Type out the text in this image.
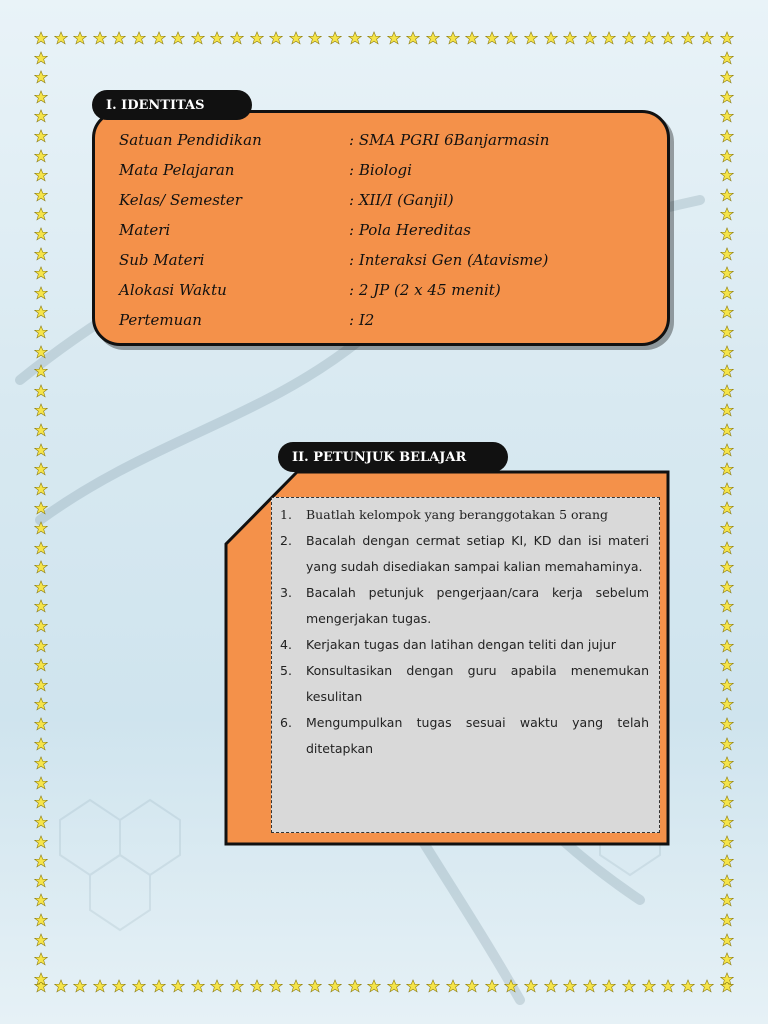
I. IDENTITAS
Satuan Pendidikan	: SMA PGRI 6Banjarmasin
Mata Pelajaran	: Biologi
Kelas/ Semester	: XII/I (Ganjil)
Materi	: Pola Hereditas
Sub Materi	: Interaksi Gen (Atavisme)
Alokasi Waktu	: 2 JP (2 x 45 menit)
Pertemuan	: I2
II. PETUNJUK BELAJAR
1.	Buatlah kelompok yang beranggotakan 5 orang
2.	Bacalah dengan cermat setiap KI, KD dan isi materi yang sudah disediakan sampai kalian memahaminya.
3.	Bacalah petunjuk pengerjaan/cara kerja sebelum mengerjakan tugas.
4.	Kerjakan tugas dan latihan dengan teliti dan jujur
5.	Konsultasikan dengan guru apabila menemukan kesulitan
6.	Mengumpulkan tugas sesuai waktu yang telah ditetapkan
